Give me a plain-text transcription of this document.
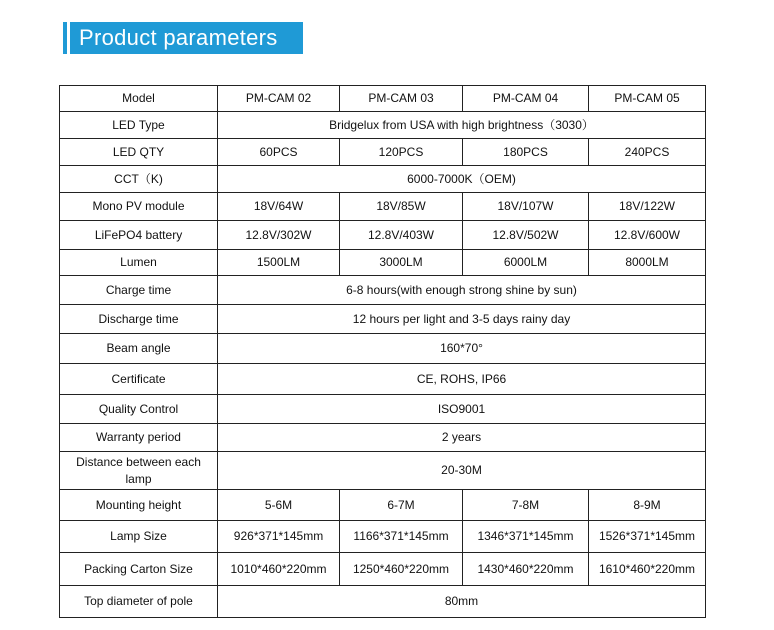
Product parameters
Model	PM-CAM 02	PM-CAM 03	PM-CAM 04	PM-CAM 05
LED Type	Bridgelux from USA with high brightness（3030）			
LED QTY	60PCS	120PCS	180PCS	240PCS
CCT（K)	6000-7000K（OEM)			
Mono PV module	18V/64W	18V/85W	18V/107W	18V/122W
LiFePO4 battery	12.8V/302W	12.8V/403W	12.8V/502W	12.8V/600W
Lumen	1500LM	3000LM	6000LM	8000LM
Charge time	6-8 hours(with enough strong shine by sun)			
Discharge time	12 hours per light and 3-5 days rainy day			
Beam angle	160*70°			
Certificate	CE, ROHS, IP66			
Quality Control	ISO9001			
Warranty period	2 years			
Distance between each lamp	20-30M			
Mounting height	5-6M	6-7M	7-8M	8-9M
Lamp Size	926*371*145mm	1166*371*145mm	1346*371*145mm	1526*371*145mm
Packing Carton Size	1010*460*220mm	1250*460*220mm	1430*460*220mm	1610*460*220mm
Top diameter of pole	80mm			
